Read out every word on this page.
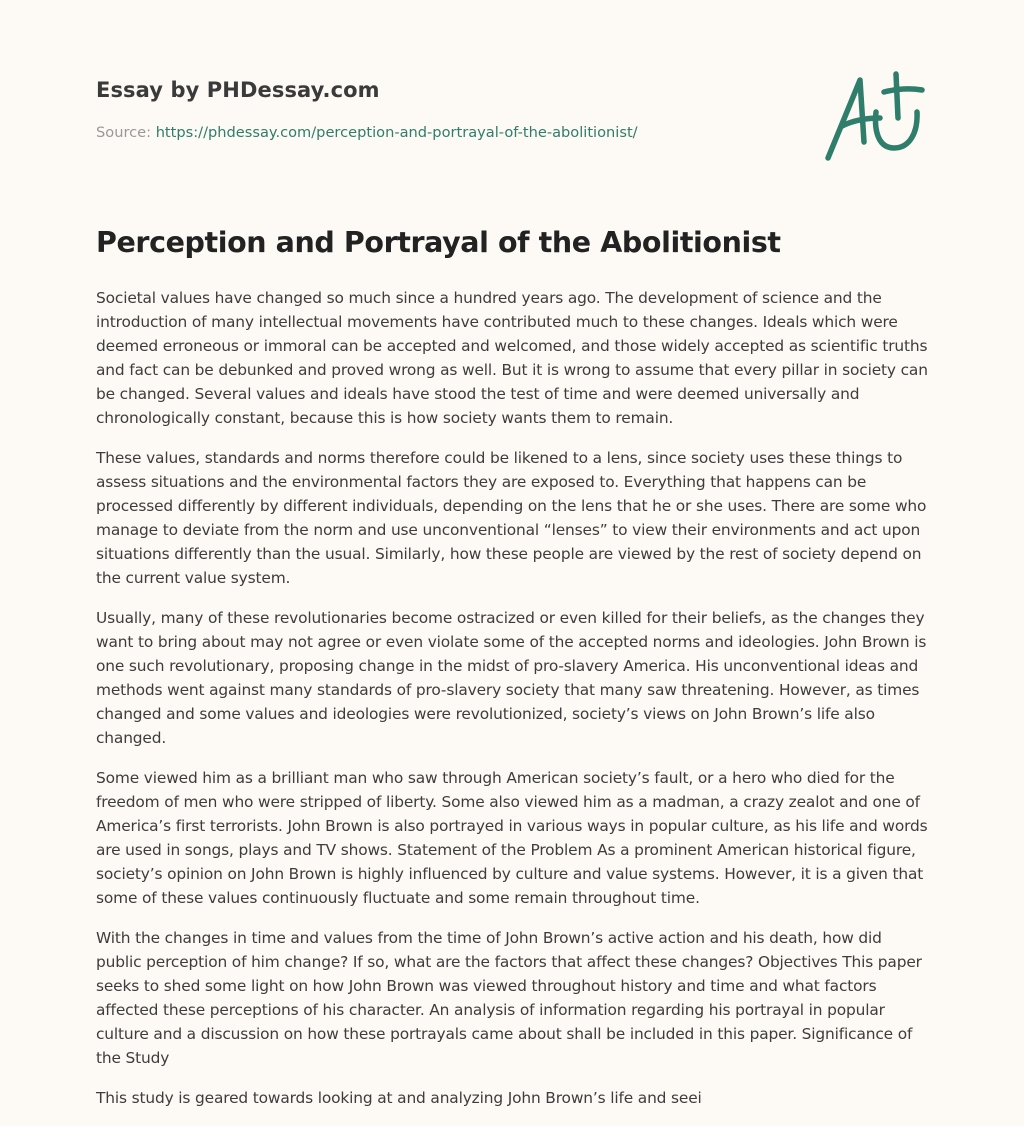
Essay by PHDessay.com
Source: https://phdessay.com/perception-and-portrayal-of-the-abolitionist/
Perception and Portrayal of the Abolitionist

Societal values have changed so much since a hundred years ago. The development of science and the introduction of many intellectual movements have contributed much to these changes. Ideals which were deemed erroneous or immoral can be accepted and welcomed, and those widely accepted as scientific truths and fact can be debunked and proved wrong as well. But it is wrong to assume that every pillar in society can be changed. Several values and ideals have stood the test of time and were deemed universally and chronologically constant, because this is how society wants them to remain.

These values, standards and norms therefore could be likened to a lens, since society uses these things to assess situations and the environmental factors they are exposed to. Everything that happens can be processed differently by different individuals, depending on the lens that he or she uses. There are some who manage to deviate from the norm and use unconventional “lenses” to view their environments and act upon situations differently than the usual. Similarly, how these people are viewed by the rest of society depend on the current value system.

Usually, many of these revolutionaries become ostracized or even killed for their beliefs, as the changes they want to bring about may not agree or even violate some of the accepted norms and ideologies. John Brown is one such revolutionary, proposing change in the midst of pro-slavery America. His unconventional ideas and methods went against many standards of pro-slavery society that many saw threatening. However, as times changed and some values and ideologies were revolutionized, society’s views on John Brown’s life also changed.

Some viewed him as a brilliant man who saw through American society’s fault, or a hero who died for the freedom of men who were stripped of liberty. Some also viewed him as a madman, a crazy zealot and one of America’s first terrorists. John Brown is also portrayed in various ways in popular culture, as his life and words are used in songs, plays and TV shows. Statement of the Problem As a prominent American historical figure, society’s opinion on John Brown is highly influenced by culture and value systems. However, it is a given that some of these values continuously fluctuate and some remain throughout time.

With the changes in time and values from the time of John Brown’s active action and his death, how did public perception of him change? If so, what are the factors that affect these changes? Objectives This paper seeks to shed some light on how John Brown was viewed throughout history and time and what factors affected these perceptions of his character. An analysis of information regarding his portrayal in popular culture and a discussion on how these portrayals came about shall be included in this paper. Significance of the Study

This study is geared towards looking at and analyzing John Brown’s life and seei
